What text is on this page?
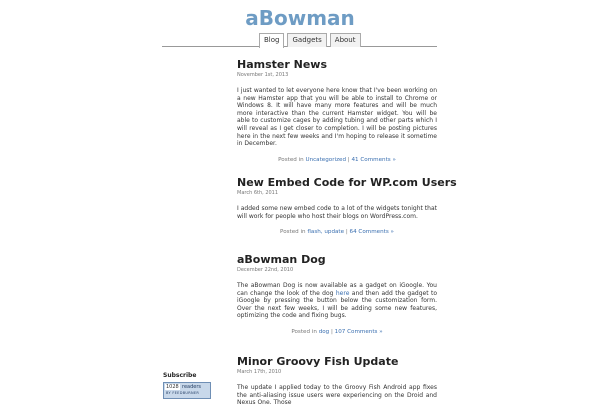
aBowman
Blog	Gadgets	About
Hamster News
November 1st, 2013
I just wanted to let everyone here know that I've been working on a new Hamster app that you will be able to install to Chrome or Windows 8. It will have many more features and will be much more interactive than the current Hamster widget. You will be able to customize cages by adding tubing and other parts which I will reveal as I get closer to completion. I will be posting pictures here in the next few weeks and I'm hoping to release it sometime in December.
Posted in Uncategorized | 41 Comments »
New Embed Code for WP.com Users
March 6th, 2011
I added some new embed code to a lot of the widgets tonight that will work for people who host their blogs on WordPress.com.
Posted in flash, update | 64 Comments »
aBowman Dog
December 22nd, 2010
The aBowman Dog is now available as a gadget on iGoogle. You can change the look of the dog here and then add the gadget to iGoogle by pressing the button below the customization form. Over the next few weeks, I will be adding some new features, optimizing the code and fixing bugs.
Posted in dog | 107 Comments »
Minor Groovy Fish Update
March 17th, 2010
The update I applied today to the Groovy Fish Android app fixes the anti-aliasing issue users were experiencing on the Droid and Nexus One. Those
Subscribe
1028 readers
BY FEEDBURNER
